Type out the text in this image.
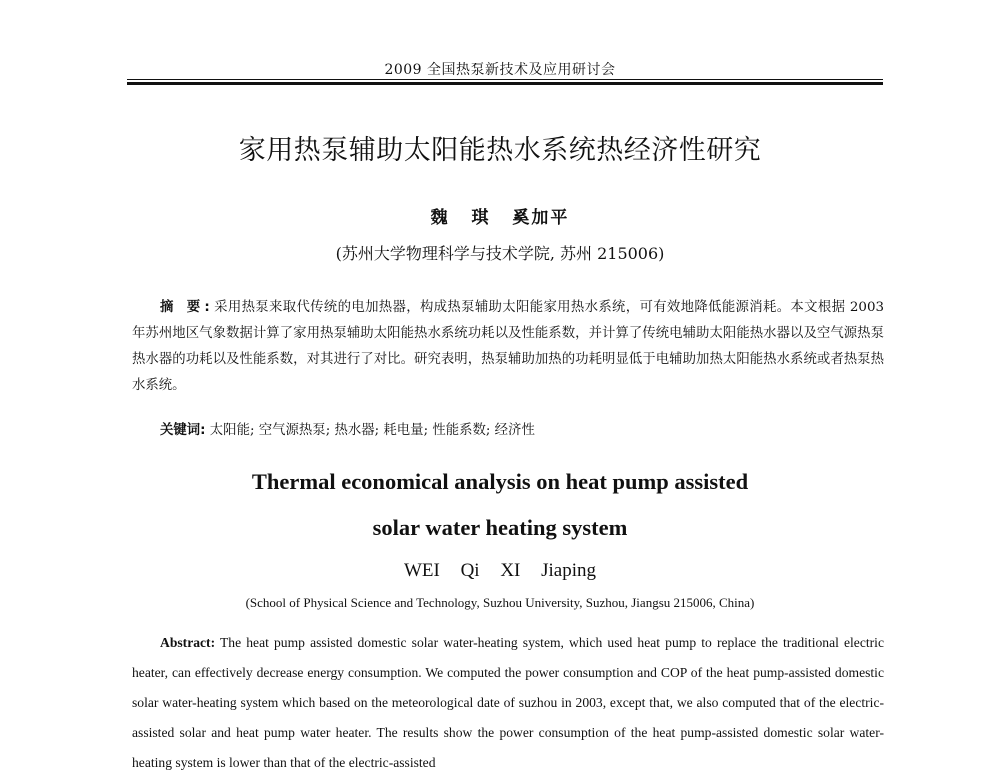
2009 全国热泵新技术及应用研讨会
家用热泵辅助太阳能热水系统热经济性研究
魏 琪 奚加平
(苏州大学物理科学与技术学院, 苏州 215006)
摘 要:采用热泵来取代传统的电加热器，构成热泵辅助太阳能家用热水系统，可有效地降低能源消耗。本文根据 2003 年苏州地区气象数据计算了家用热泵辅助太阳能热水系统功耗以及性能系数，并计算了传统电辅助太阳能热水器以及空气源热泵热水器的功耗以及性能系数，对其进行了对比。研究表明，热泵辅助加热的功耗明显低于电辅助加热太阳能热水系统或者热泵热水系统。
关键词: 太阳能; 空气源热泵; 热水器; 耗电量; 性能系数; 经济性
Thermal economical analysis on heat pump assisted
solar water heating system
WEI Qi XI Jiaping
(School of Physical Science and Technology, Suzhou University, Suzhou, Jiangsu 215006, China)
Abstract: The heat pump assisted domestic solar water-heating system, which used heat pump to replace the traditional electric heater, can effectively decrease energy consumption. We computed the power consumption and COP of the heat pump-assisted domestic solar water-heating system which based on the meteorological date of suzhou in 2003, except that, we also computed that of the electric-assisted solar and heat pump water heater. The results show the power consumption of the heat pump-assisted domestic solar water-heating system is lower than that of the electric-assisted
